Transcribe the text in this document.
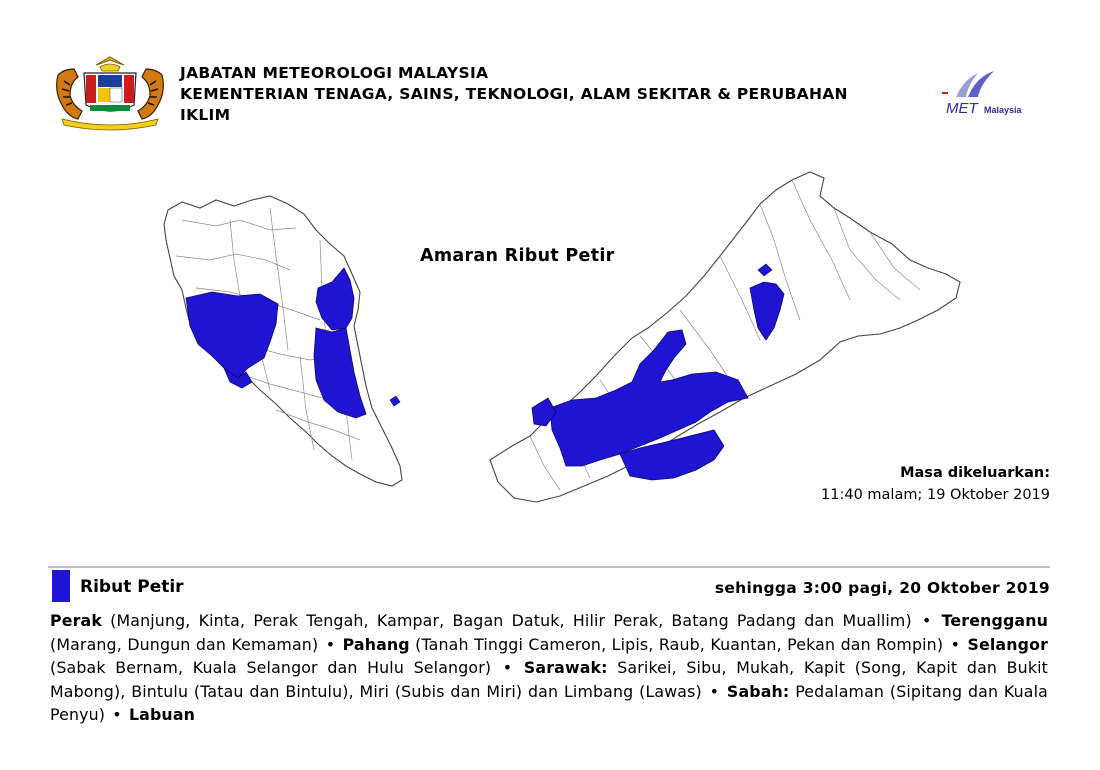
JABATAN METEOROLOGI MALAYSIA
KEMENTERIAN TENAGA, SAINS, TEKNOLOGI, ALAM SEKITAR & PERUBAHAN
IKLIM	MET Malaysia
Amaran Ribut Petir
Masa dikeluarkan:
11:40 malam; 19 Oktober 2019
Ribut Petir	sehingga 3:00 pagi, 20 Oktober 2019
Perak (Manjung, Kinta, Perak Tengah, Kampar, Bagan Datuk, Hilir Perak, Batang Padang dan Muallim) • Terengganu (Marang, Dungun dan Kemaman) • Pahang (Tanah Tinggi Cameron, Lipis, Raub, Kuantan, Pekan dan Rompin) • Selangor (Sabak Bernam, Kuala Selangor dan Hulu Selangor) • Sarawak: Sarikei, Sibu, Mukah, Kapit (Song, Kapit dan Bukit Mabong), Bintulu (Tatau dan Bintulu), Miri (Subis dan Miri) dan Limbang (Lawas) • Sabah: Pedalaman (Sipitang dan Kuala Penyu) • Labuan
